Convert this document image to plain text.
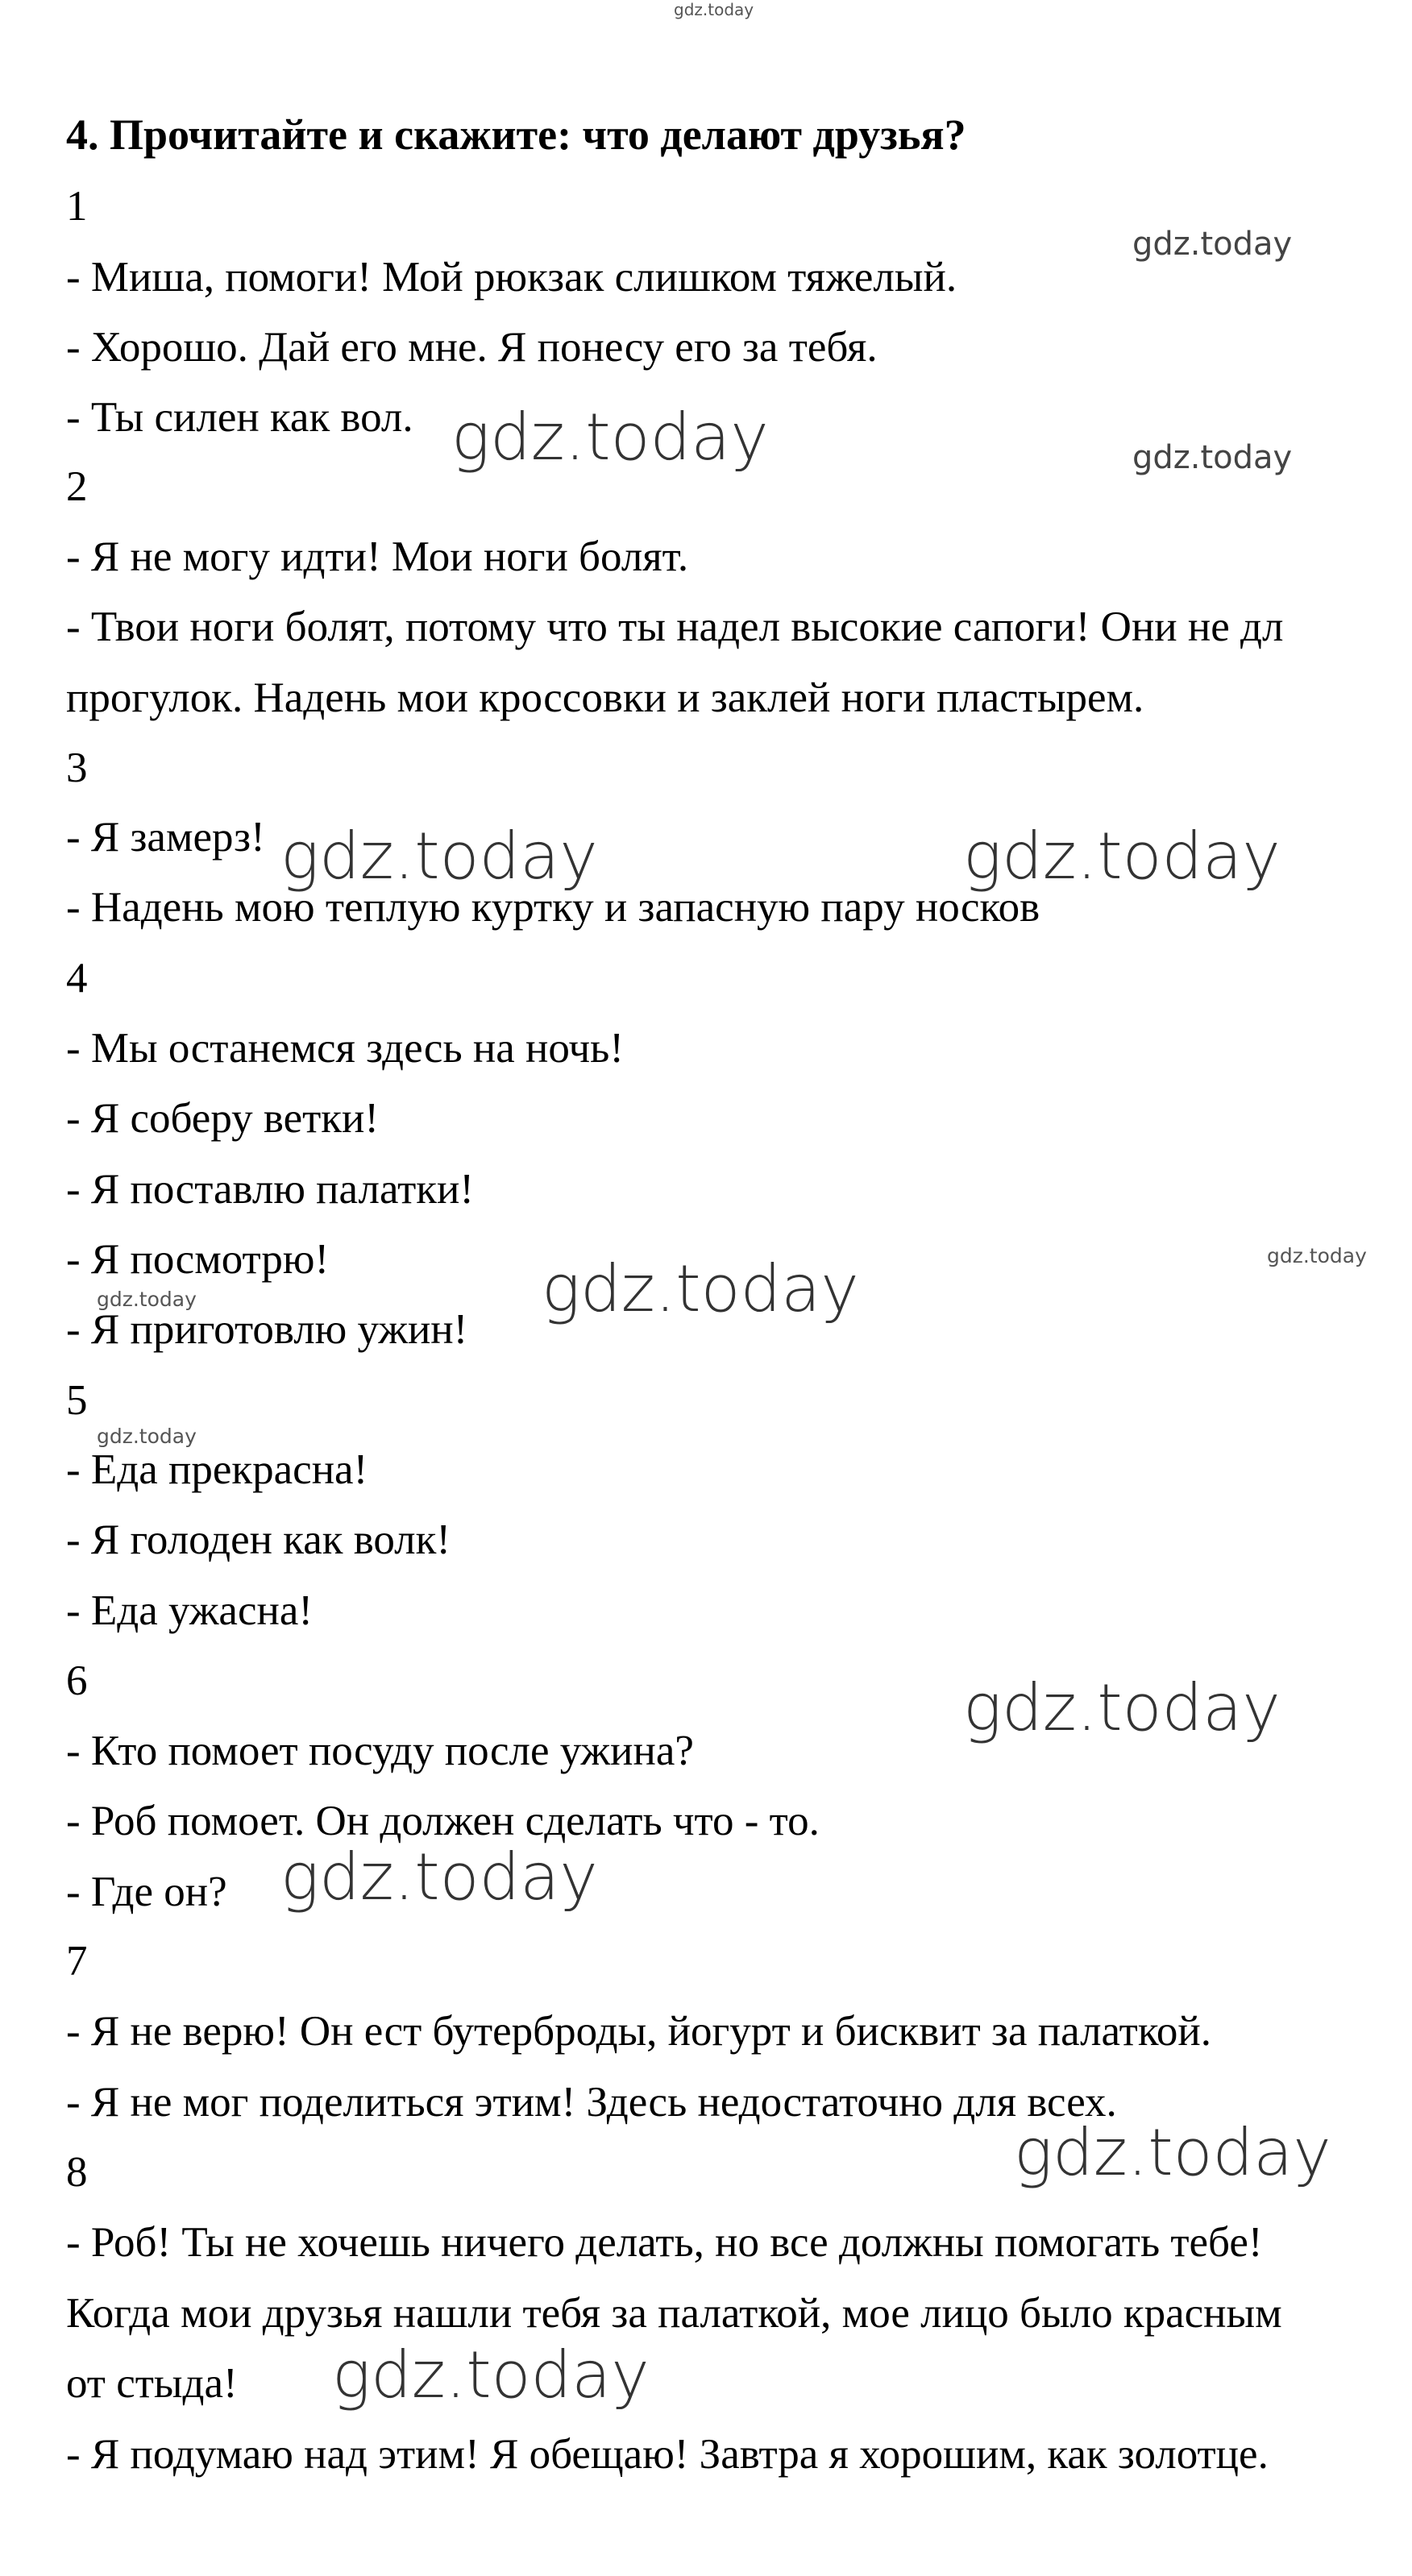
gdz.today
gdz.today
gdz.today	gdz.today
gdz.today	gdz.today
gdz.today
gdz.today	gdz.today
gdz.today
gdz.today
gdz.today
gdz.today
gdz.today
4. Прочитайте и скажите: что делают друзья?
1
- Миша, помоги! Мой рюкзак слишком тяжелый.
- Хорошо. Дай его мне. Я понесу его за тебя.
- Ты силен как вол.
2
- Я не могу идти! Мои ноги болят.
- Твои ноги болят, потому что ты надел высокие сапоги! Они не дл
прогулок. Надень мои кроссовки и заклей ноги пластырем.
3
- Я замерз!
- Надень мою теплую куртку и запасную пару носков
4
- Мы останемся здесь на ночь!
- Я соберу ветки!
- Я поставлю палатки!
- Я посмотрю!
- Я приготовлю ужин!
5
- Еда прекрасна!
- Я голоден как волк!
- Еда ужасна!
6
- Кто помоет посуду после ужина?
- Роб помоет. Он должен сделать что - то.
- Где он?
7
- Я не верю! Он ест бутерброды, йогурт и бисквит за палаткой.
- Я не мог поделиться этим! Здесь недостаточно для всех.
8
- Роб! Ты не хочешь ничего делать, но все должны помогать тебе!
Когда мои друзья нашли тебя за палаткой, мое лицо было красным
от стыда!
- Я подумаю над этим! Я обещаю! Завтра я хорошим, как золотце.
